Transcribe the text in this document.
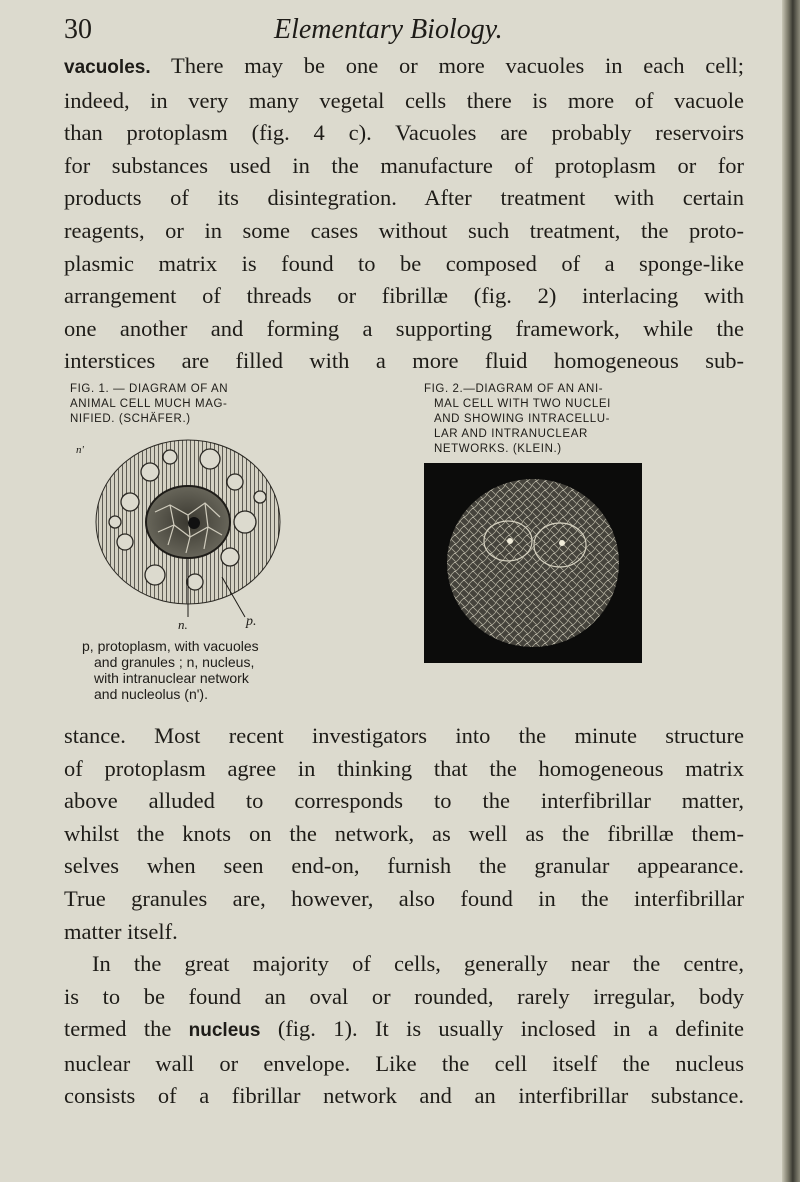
30	Elementary Biology.
vacuoles. There may be one or more vacuoles in each cell;
indeed, in very many vegetal cells there is more of vacuole
than protoplasm (fig. 4 c). Vacuoles are probably reservoirs
for substances used in the manufacture of protoplasm or for
products of its disintegration. After treatment with certain
reagents, or in some cases without such treatment, the proto-
plasmic matrix is found to be composed of a sponge-like
arrangement of threads or fibrillæ (fig. 2) interlacing with
one another and forming a supporting framework, while the
interstices are filled with a more fluid homogeneous sub-

FIG. 1. — DIAGRAM OF AN
ANIMAL CELL MUCH MAG-
NIFIED. (SCHÄFER.)

n'
n.	p.

p, protoplasm, with vacuoles
and granules ; n, nucleus,
with intranuclear network
and nucleolus (n').

FIG. 2.—DIAGRAM OF AN ANI-
MAL CELL WITH TWO NUCLEI
AND SHOWING INTRACELLU-
LAR AND INTRANUCLEAR
NETWORKS. (KLEIN.)

stance. Most recent investigators into the minute structure
of protoplasm agree in thinking that the homogeneous matrix
above alluded to corresponds to the interfibrillar matter,
whilst the knots on the network, as well as the fibrillæ them-
selves when seen end-on, furnish the granular appearance.
True granules are, however, also found in the interfibrillar
matter itself.
In the great majority of cells, generally near the centre,
is to be found an oval or rounded, rarely irregular, body
termed the nucleus (fig. 1). It is usually inclosed in a definite
nuclear wall or envelope. Like the cell itself the nucleus
consists of a fibrillar network and an interfibrillar substance.
